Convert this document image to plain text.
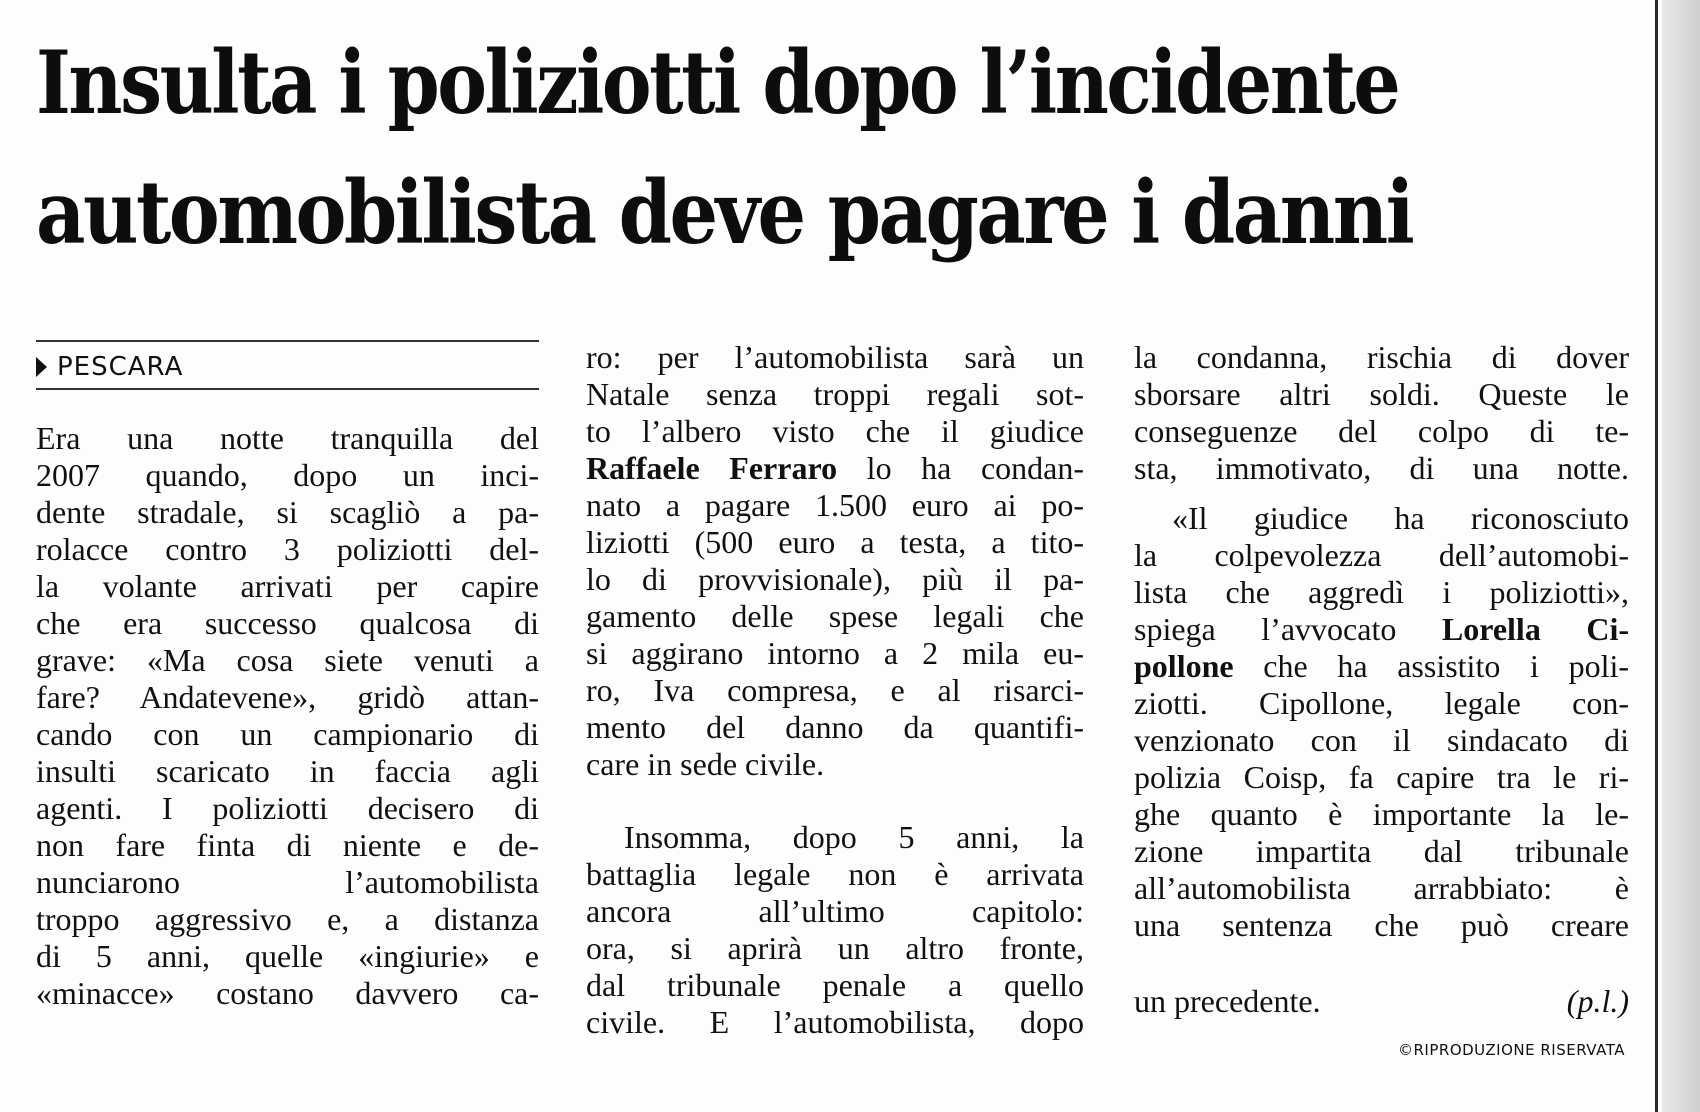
Insulta i poliziotti dopo l’incidente
automobilista deve pagare i danni
PESCARA
Era una notte tranquilla del
2007 quando, dopo un inci-
dente stradale, si scagliò a pa-
rolacce contro 3 poliziotti del-
la volante arrivati per capire
che era successo qualcosa di
grave: «Ma cosa siete venuti a
fare? Andatevene», gridò attan-
cando con un campionario di
insulti scaricato in faccia agli
agenti. I poliziotti decisero di
non fare finta di niente e de-
nunciarono l’automobilista
troppo aggressivo e, a distanza
di 5 anni, quelle «ingiurie» e
«minacce» costano davvero ca-
ro: per l’automobilista sarà un
Natale senza troppi regali sot-
to l’albero visto che il giudice
Raffaele Ferraro lo ha condan-
nato a pagare 1.500 euro ai po-
liziotti (500 euro a testa, a tito-
lo di provvisionale), più il pa-
gamento delle spese legali che
si aggirano intorno a 2 mila eu-
ro, Iva compresa, e al risarci-
mento del danno da quantifi-
care in sede civile.
Insomma, dopo 5 anni, la
battaglia legale non è arrivata
ancora all’ultimo capitolo:
ora, si aprirà un altro fronte,
dal tribunale penale a quello
civile. E l’automobilista, dopo
la condanna, rischia di dover
sborsare altri soldi. Queste le
conseguenze del colpo di te-
sta, immotivato, di una notte.
«Il giudice ha riconosciuto
la colpevolezza dell’automobi-
lista che aggredì i poliziotti»,
spiega l’avvocato Lorella Ci-
pollone che ha assistito i poli-
ziotti. Cipollone, legale con-
venzionato con il sindacato di
polizia Coisp, fa capire tra le ri-
ghe quanto è importante la le-
zione impartita dal tribunale
all’automobilista arrabbiato: è
una sentenza che può creare
un precedente.	(p.l.)
©RIPRODUZIONE RISERVATA
